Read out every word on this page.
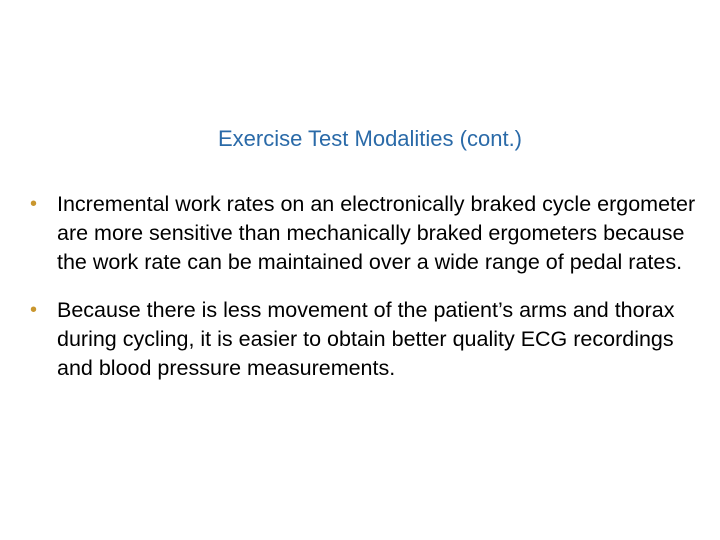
Exercise Test Modalities (cont.)
• Incremental work rates on an electronically braked cycle ergometer are more sensitive than mechanically braked ergometers because the work rate can be maintained over a wide range of pedal rates.
• Because there is less movement of the patient’s arms and thorax during cycling, it is easier to obtain better quality ECG recordings and blood pressure measurements.
